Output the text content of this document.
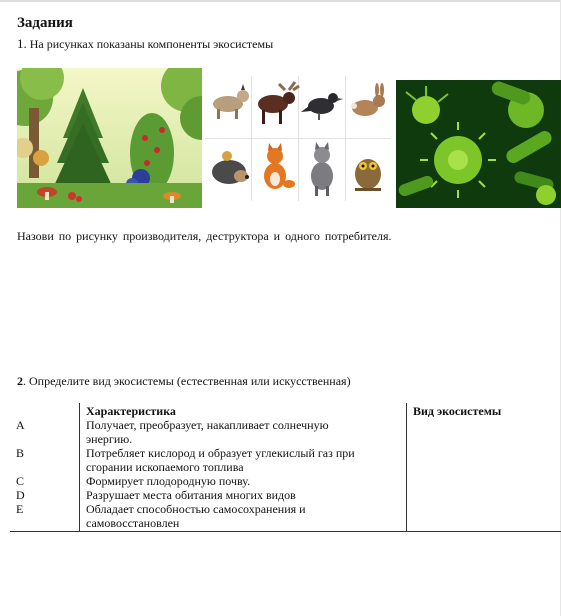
Задания
1. На рисунках показаны компоненты экосистемы
Назови по рисунку производителя, деструктора и одного потребителя.
2. Определите вид экосистемы (естественная или искусственная)
	Характеристика	Вид экосистемы
A	Получает, преобразует, накапливает солнечную
энергию.	

B	Потребляет кислород и образует углекислый газ при
сгорании ископаемого топлива	

C	Формирует плодородную почву.	

D	Разрушает места обитания многих видов	

E	Обладает способностью самосохранения и
самовосстановлен	
